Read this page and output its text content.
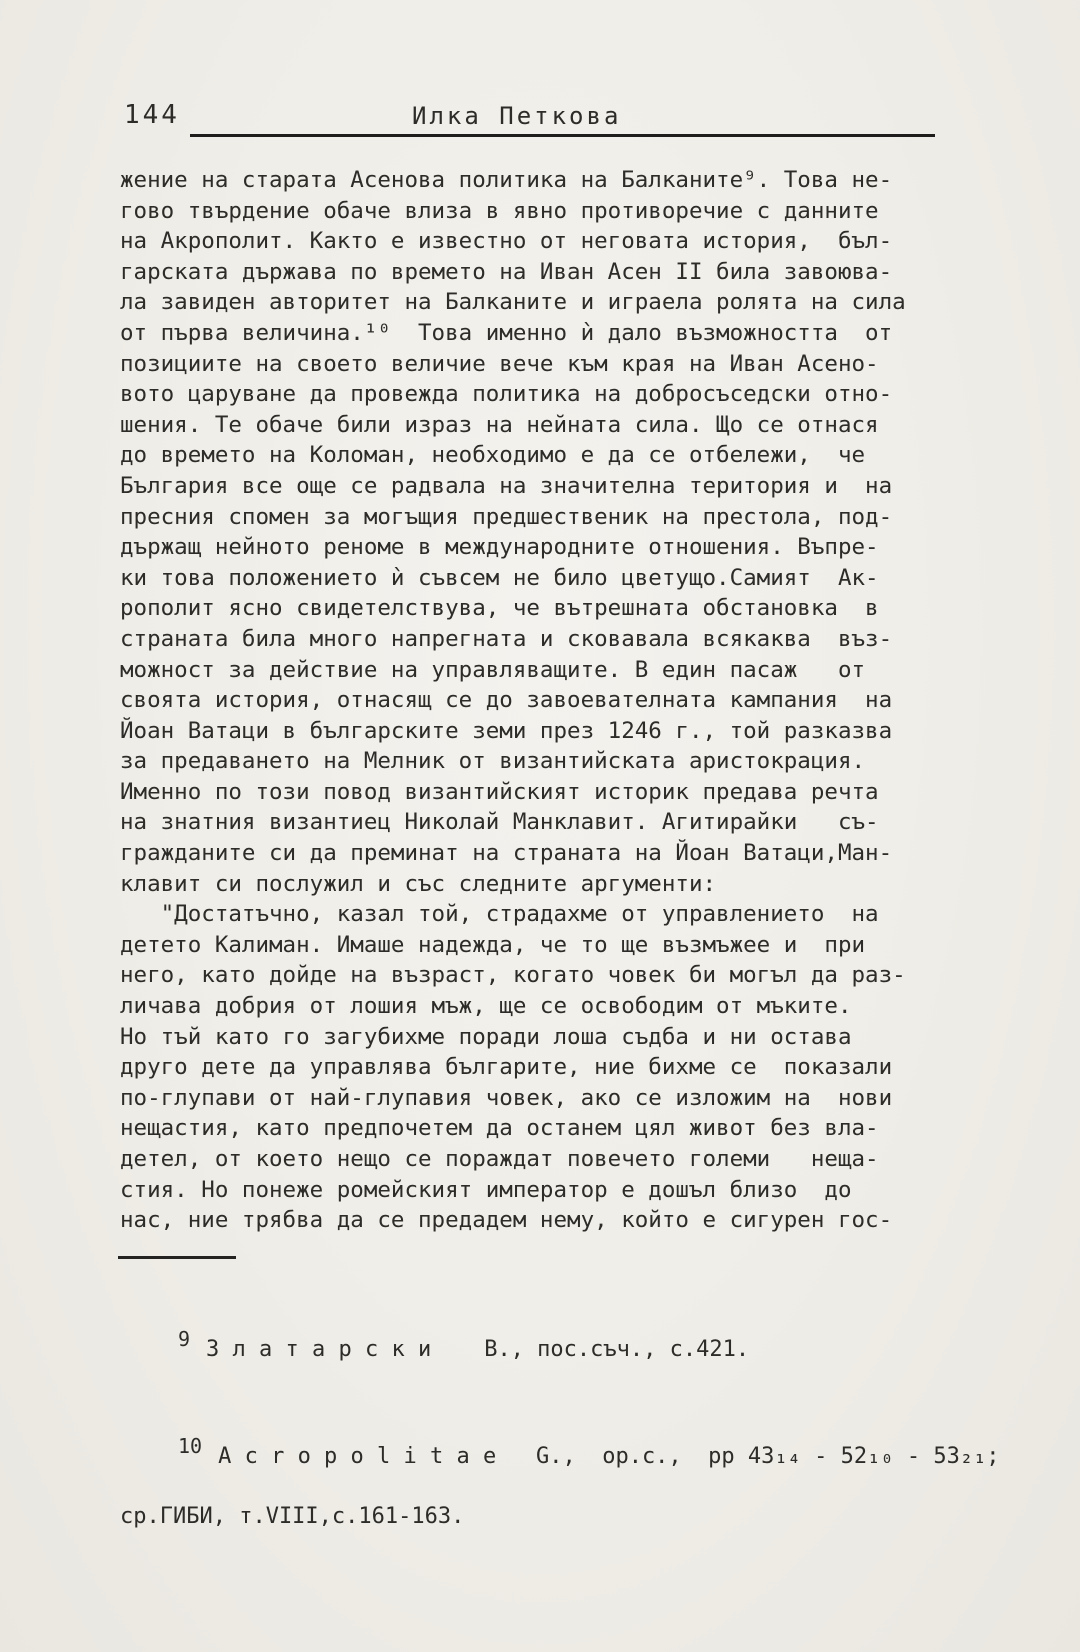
144	Илка Петкова
жение на старата Асенова политика на Балканите⁹. Това не-
гово твърдение обаче влиза в явно противоречие с данните
на Акрополит. Както е известно от неговата история,  бъл-
гарската държава по времето на Иван Асен II била завоюва-
ла завиден авторитет на Балканите и играела ролята на сила
от първа величина.¹⁰  Това именно ѝ дало възможността  от
позициите на своето величие вече към края на Иван Асено-
вото царуване да провежда политика на добросъседски отно-
шения. Те обаче били израз на нейната сила. Що се отнася
до времето на Коломан, необходимо е да се отбележи,  че
България все още се радвала на значителна територия и  на
пресния спомен за могъщия предшественик на престола, под-
държащ нейното реноме в международните отношения. Въпре-
ки това положението ѝ съвсем не било цветущо.Самият  Ак-
рополит ясно свидетелствува, че вътрешната обстановка  в
страната била много напрегната и сковавала всякаква  въз-
можност за действие на управляващите. В един пасаж   от
своята история, отнасящ се до завоевателната кампания  на
Йоан Ватаци в българските земи през 1246 г., той разказва
за предаването на Мелник от византийската аристокрация.
Именно по този повод византийският историк предава речта
на знатния византиец Николай Манклавит. Агитирайки   съ-
гражданите си да преминат на страната на Йоан Ватаци,Ман-
клавит си послужил и със следните аргументи:
"Достатъчно, казал той, страдахме от управлението  на
детето Калиман. Имаше надежда, че то ще възмъжее и  при
него, като дойде на възраст, когато човек би могъл да раз-
личава добрия от лошия мъж, ще се освободим от мъките.
Но тъй като го загубихме поради лоша съдба и ни остава
друго дете да управлява българите, ние бихме се  показали
по-глупави от най-глупавия човек, ако се изложим на  нови
нещастия, като предпочетем да останем цял живот без вла-
детел, от което нещо се пораждат повечето големи   неща-
стия. Но понеже ромейският император е дошъл близо  до
нас, ние трябва да се предадем нему, който е сигурен гос-

9 З л а т а р с к и    В., пос.съч., с.421.

10 A c r o p o l i t a e   G.,  op.c.,  pp 43₁₄ - 52₁₀ - 53₂₁;

ср.ГИБИ, т.VIII,с.161-163.
